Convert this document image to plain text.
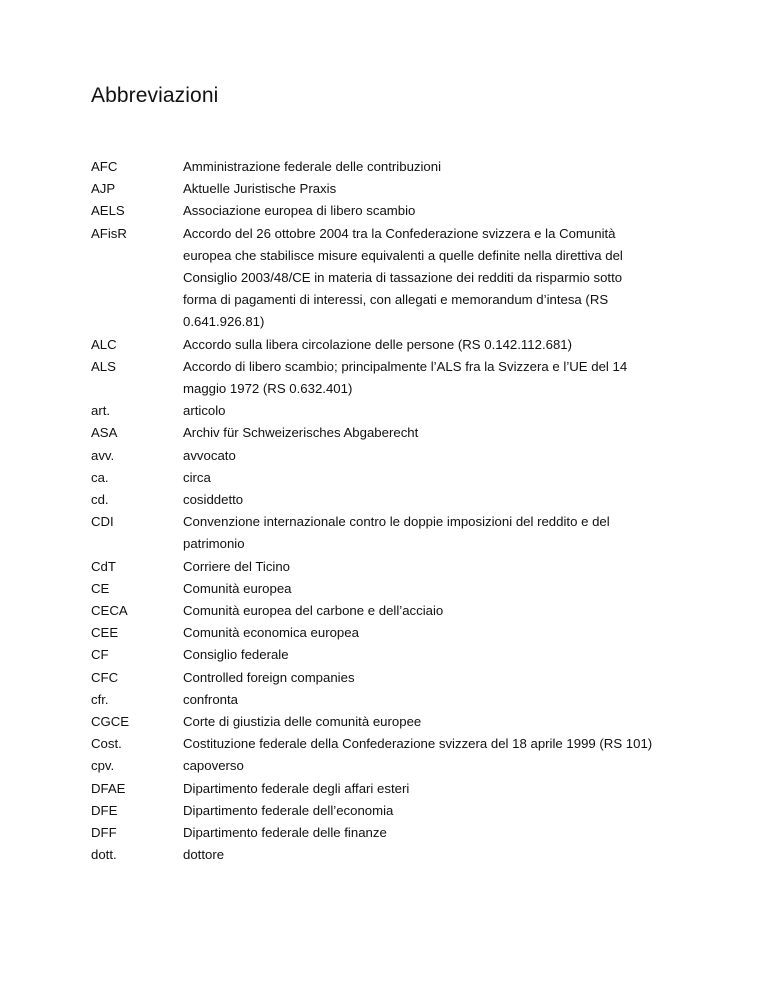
Abbreviazioni
AFC	Amministrazione federale delle contribuzioni
AJP	Aktuelle Juristische Praxis
AELS	Associazione europea di libero scambio
AFisR	Accordo del 26 ottobre 2004 tra la Confederazione svizzera e la Comunità
europea che stabilisce misure equivalenti a quelle definite nella direttiva del
Consiglio 2003/48/CE in materia di tassazione dei redditi da risparmio sotto
forma di pagamenti di interessi, con allegati e memorandum d’intesa (RS
0.641.926.81)
ALC	Accordo sulla libera circolazione delle persone (RS 0.142.112.681)
ALS	Accordo di libero scambio; principalmente l’ALS fra la Svizzera e l’UE del 14
maggio 1972 (RS 0.632.401)
art.	articolo
ASA	Archiv für Schweizerisches Abgaberecht
avv.	avvocato
ca.	circa
cd.	cosiddetto
CDI	Convenzione internazionale contro le doppie imposizioni del reddito e del
patrimonio
CdT	Corriere del Ticino
CE	Comunità europea
CECA	Comunità europea del carbone e dell’acciaio
CEE	Comunità economica europea
CF	Consiglio federale
CFC	Controlled foreign companies
cfr.	confronta
CGCE	Corte di giustizia delle comunità europee
Cost.	Costituzione federale della Confederazione svizzera del 18 aprile 1999 (RS 101)
cpv.	capoverso
DFAE	Dipartimento federale degli affari esteri
DFE	Dipartimento federale dell’economia
DFF	Dipartimento federale delle finanze
dott.	dottore
